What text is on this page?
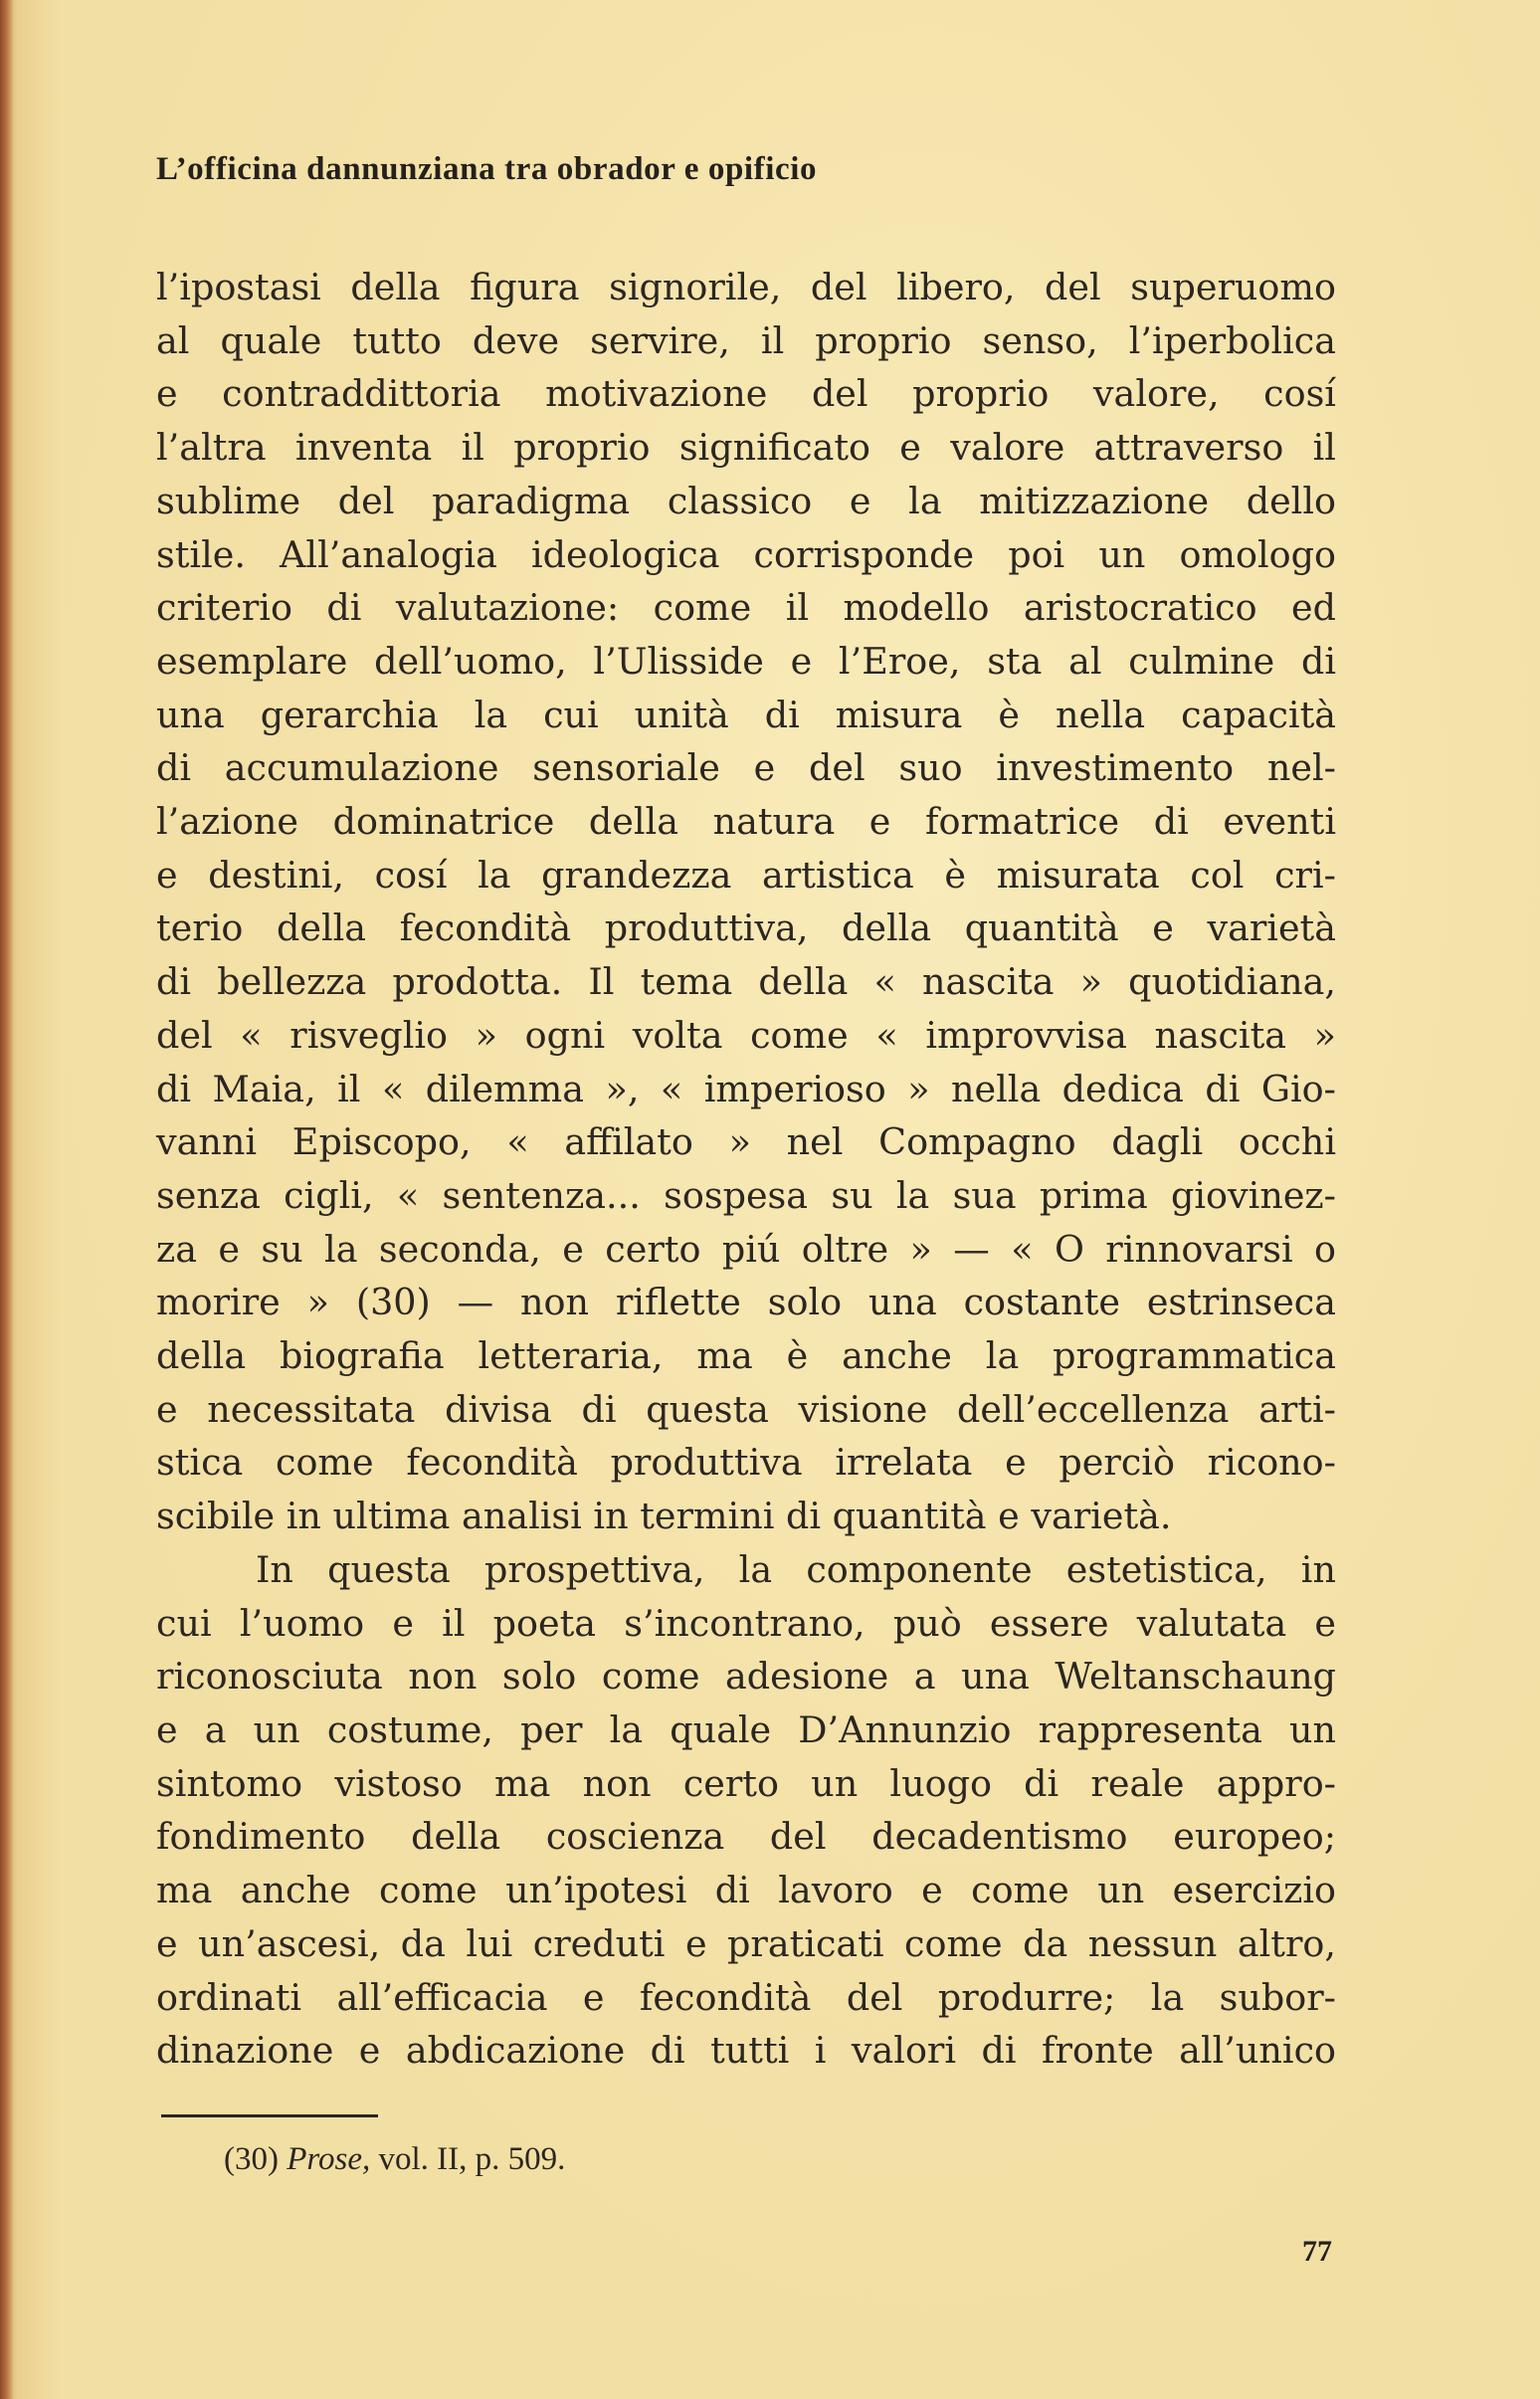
L’officina dannunziana tra obrador e opificio
l’ipostasi della figura signorile, del libero, del superuomo
al quale tutto deve servire, il proprio senso, l’iperbolica
e contraddittoria motivazione del proprio valore, cosí
l’altra inventa il proprio significato e valore attraverso il
sublime del paradigma classico e la mitizzazione dello
stile. All’analogia ideologica corrisponde poi un omologo
criterio di valutazione: come il modello aristocratico ed
esemplare dell’uomo, l’Ulisside e l’Eroe, sta al culmine di
una gerarchia la cui unità di misura è nella capacità
di accumulazione sensoriale e del suo investimento nel-
l’azione dominatrice della natura e formatrice di eventi
e destini, cosí la grandezza artistica è misurata col cri-
terio della fecondità produttiva, della quantità e varietà
di bellezza prodotta. Il tema della « nascita » quotidiana,
del « risveglio » ogni volta come « improvvisa nascita »
di Maia, il « dilemma », « imperioso » nella dedica di Gio-
vanni Episcopo, « affilato » nel Compagno dagli occhi
senza cigli, « sentenza... sospesa su la sua prima giovinez-
za e su la seconda, e certo piú oltre » — « O rinnovarsi o
morire » (30) — non riflette solo una costante estrinseca
della biografia letteraria, ma è anche la programmatica
e necessitata divisa di questa visione dell’eccellenza arti-
stica come fecondità produttiva irrelata e perciò ricono-
scibile in ultima analisi in termini di quantità e varietà.
In questa prospettiva, la componente estetistica, in
cui l’uomo e il poeta s’incontrano, può essere valutata e
riconosciuta non solo come adesione a una Weltanschaung
e a un costume, per la quale D’Annunzio rappresenta un
sintomo vistoso ma non certo un luogo di reale appro-
fondimento della coscienza del decadentismo europeo;
ma anche come un’ipotesi di lavoro e come un esercizio
e un’ascesi, da lui creduti e praticati come da nessun altro,
ordinati all’efficacia e fecondità del produrre; la subor-
dinazione e abdicazione di tutti i valori di fronte all’unico
(30) Prose, vol. II, p. 509.
77
